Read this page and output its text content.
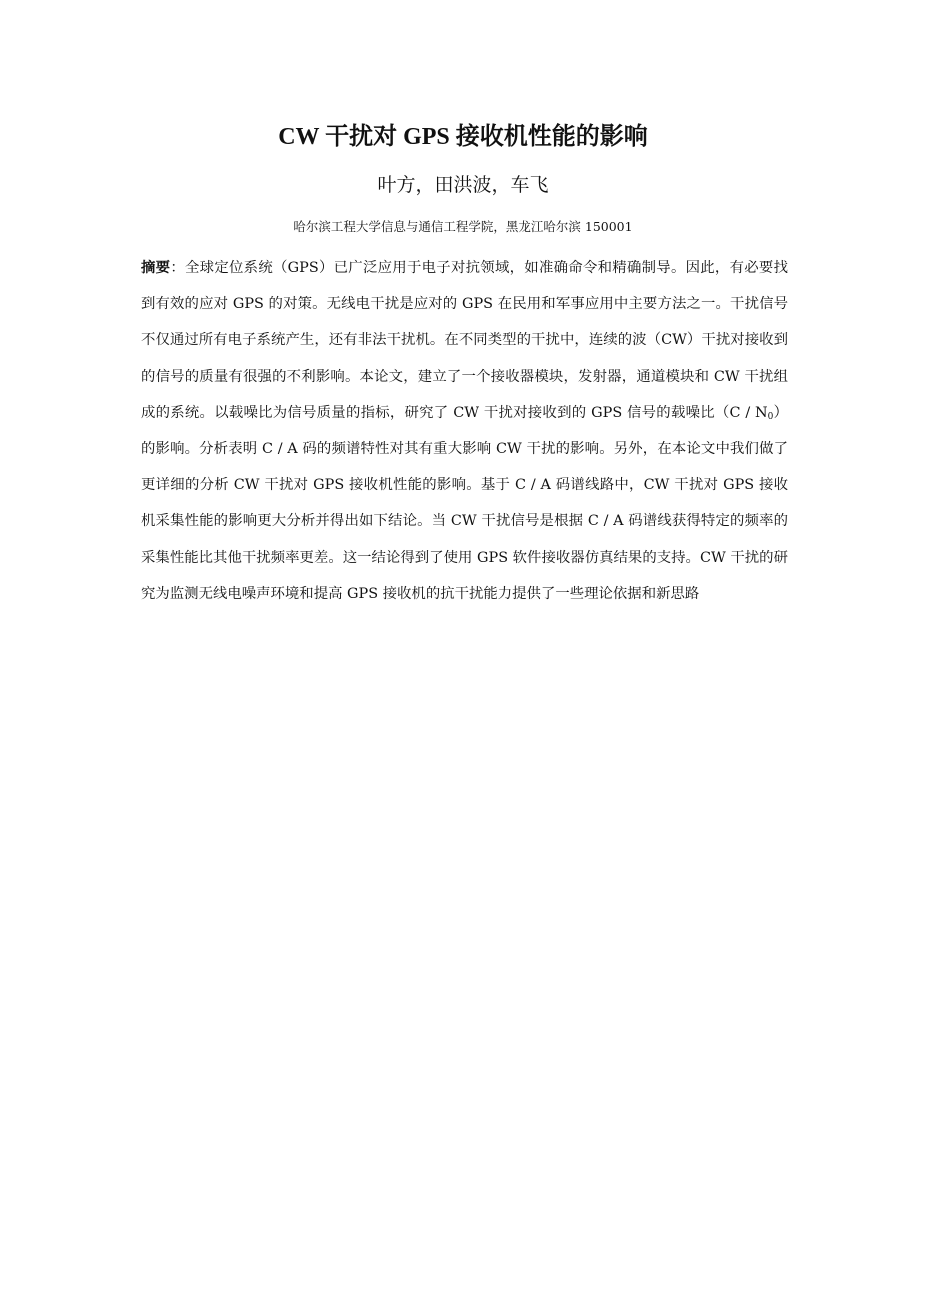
CW 干扰对 GPS 接收机性能的影响

叶方，田洪波，车飞

哈尔滨工程大学信息与通信工程学院，黑龙江哈尔滨 150001

摘要：全球定位系统（GPS）已广泛应用于电子对抗领域，如准确命令和精确制导。因此，有必要找到有效的应对 GPS 的对策。无线电干扰是应对的 GPS 在民用和军事应用中主要方法之一。干扰信号不仅通过所有电子系统产生，还有非法干扰机。在不同类型的干扰中，连续的波（CW）干扰对接收到的信号的质量有很强的不利影响。本论文，建立了一个接收器模块，发射器，通道模块和 CW 干扰组成的系统。以载噪比为信号质量的指标，研究了 CW 干扰对接收到的 GPS 信号的载噪比$(C / N_0)$的影响。分析表明 C / A 码的频谱特性对其有重大影响 CW 干扰的影响。另外，在本论文中我们做了更详细的分析 CW 干扰对 GPS 接收机性能的影响。基于 C / A 码谱线路中，CW 干扰对 GPS 接收机采集性能的影响更大分析并得出如下结论。当 CW 干扰信号是根据 C / A 码谱线获得特定的频率的采集性能比其他干扰频率更差。这一结论得到了使用 GPS 软件接收器仿真结果的支持。CW 干扰的研究为监测无线电噪声环境和提高 GPS 接收机的抗干扰能力提供了一些理论依据和新思路
